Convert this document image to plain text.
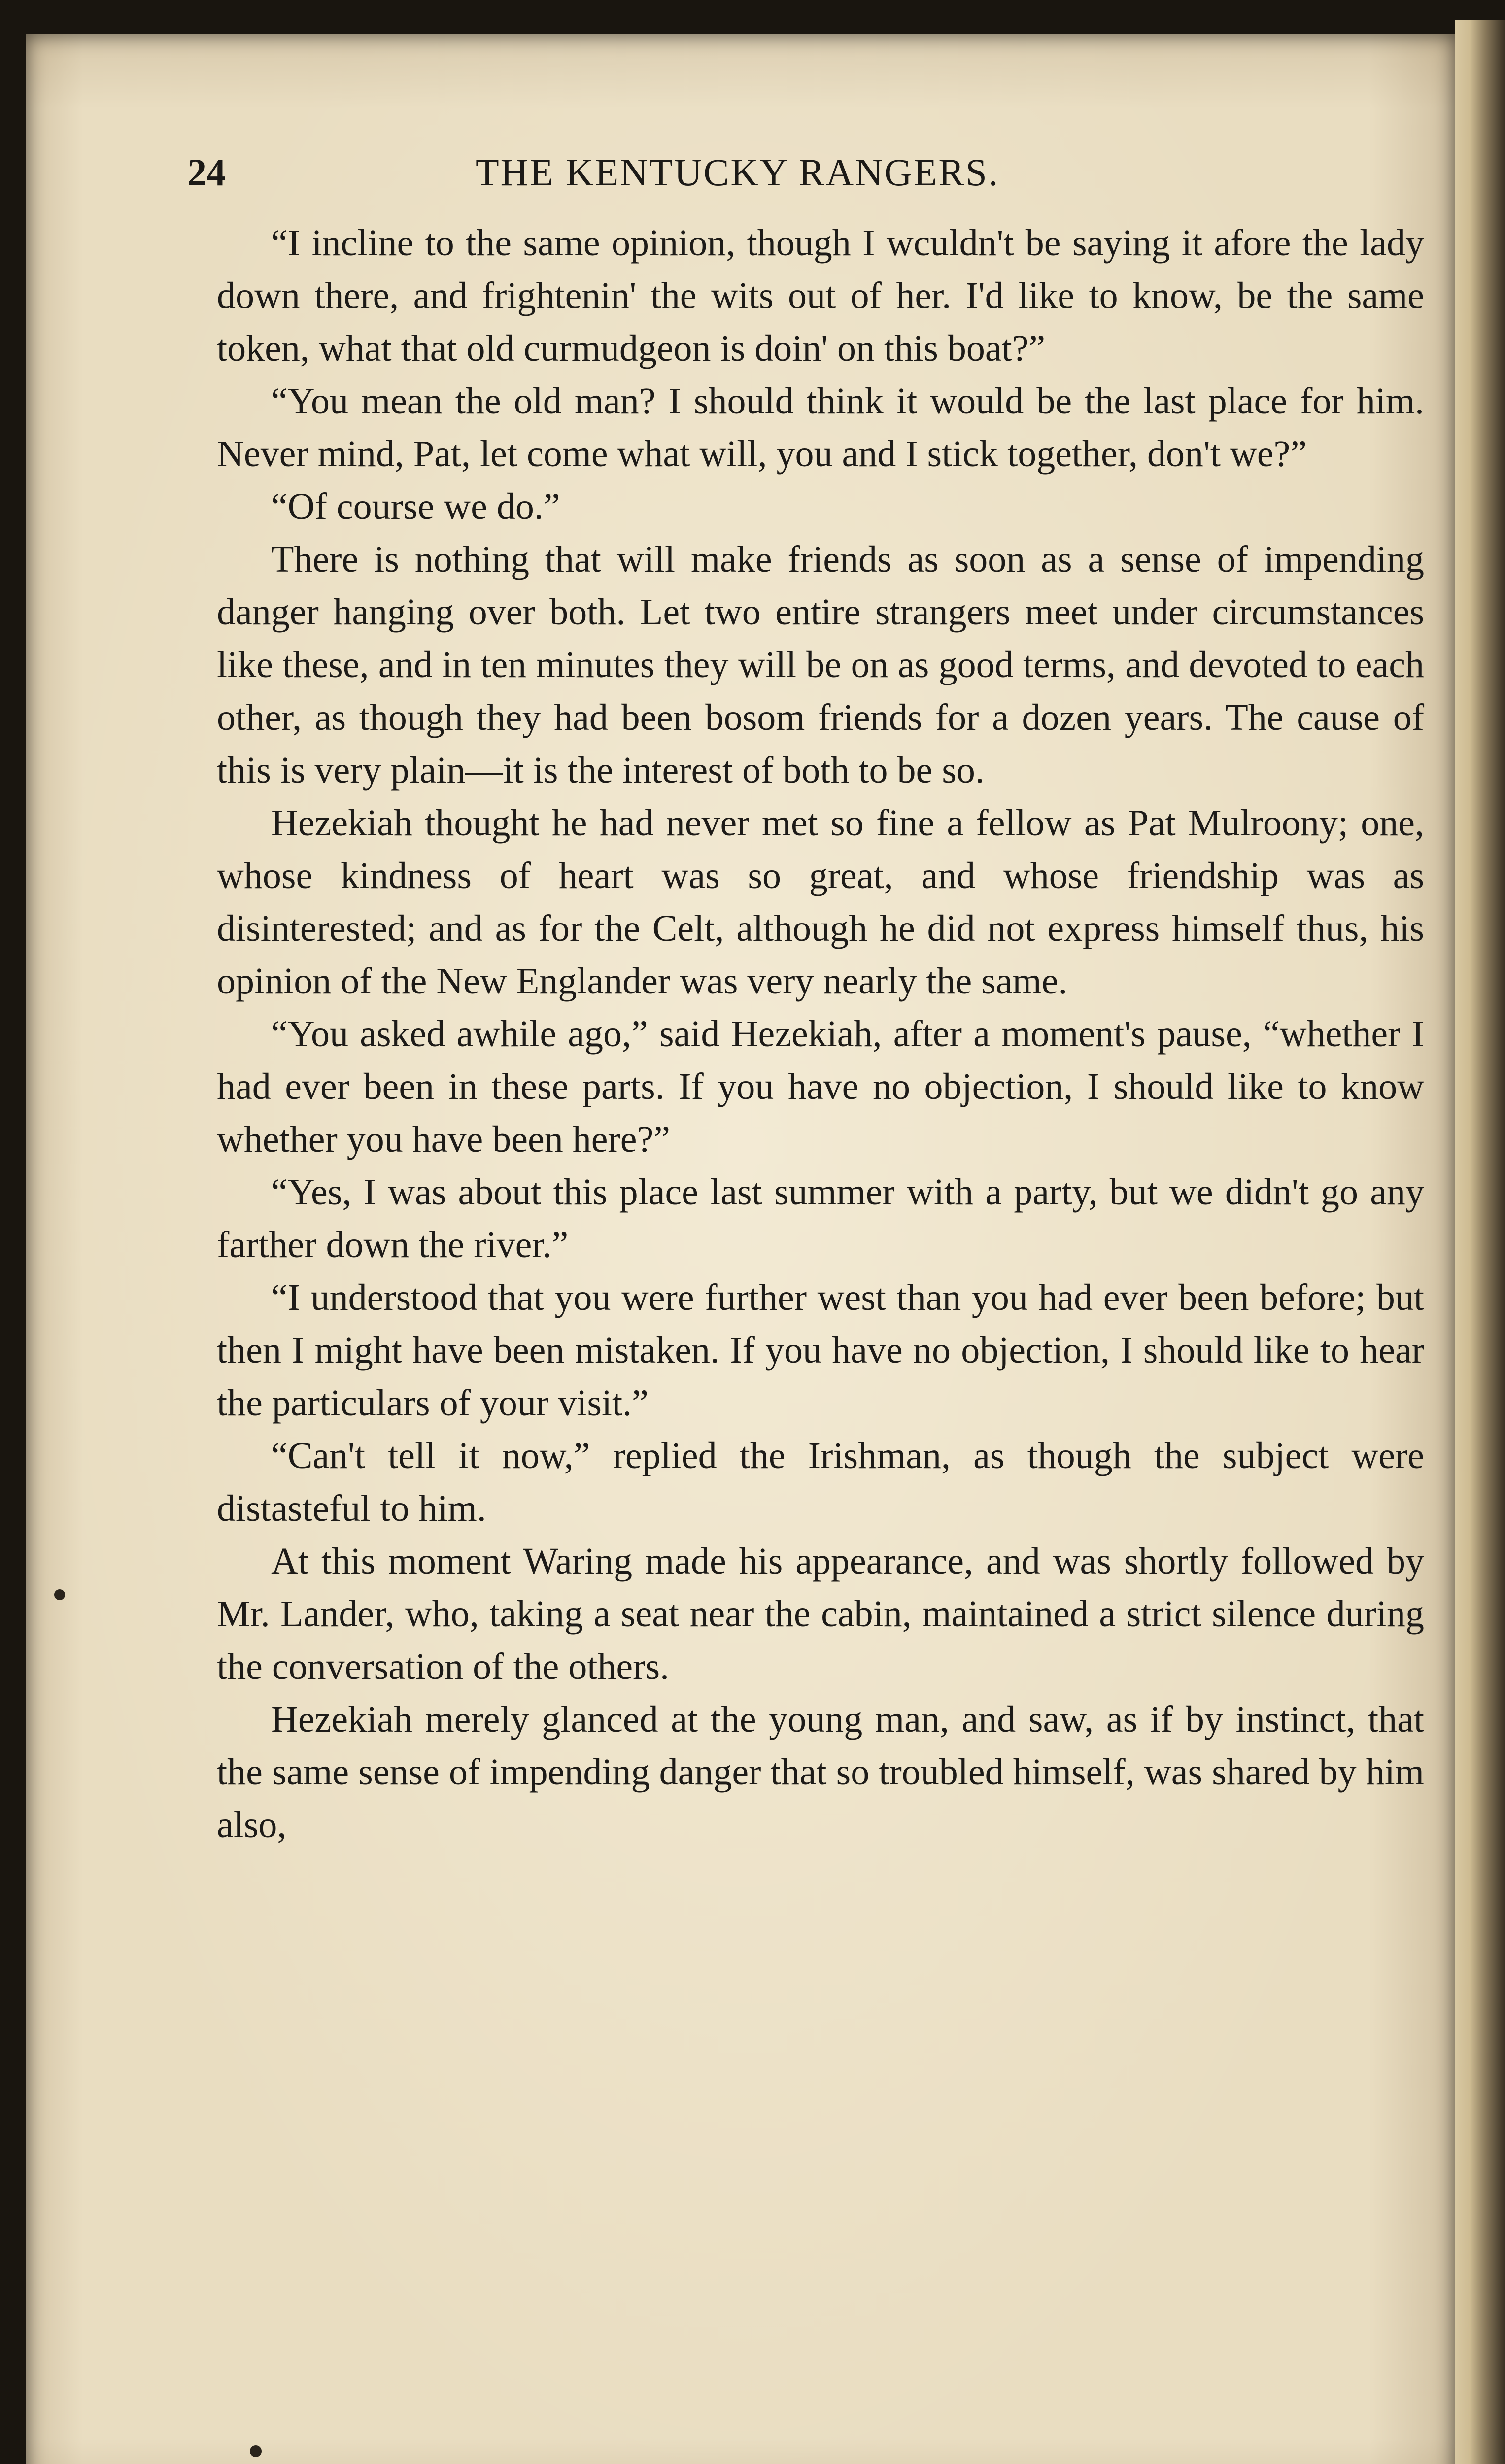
24	THE KENTUCKY RANGERS.

“I incline to the same opinion, though I wculdn't be saying it afore the lady down there, and frightenin' the wits out of her. I'd like to know, be the same token, what that old curmudgeon is doin' on this boat?”

“You mean the old man? I should think it would be the last place for him. Never mind, Pat, let come what will, you and I stick together, don't we?”

“Of course we do.”

There is nothing that will make friends as soon as a sense of impending danger hanging over both. Let two entire strangers meet under circumstances like these, and in ten minutes they will be on as good terms, and devoted to each other, as though they had been bosom friends for a dozen years. The cause of this is very plain—it is the interest of both to be so.

Hezekiah thought he had never met so fine a fellow as Pat Mulroony; one, whose kindness of heart was so great, and whose friendship was as disinterested; and as for the Celt, although he did not express himself thus, his opinion of the New Englander was very nearly the same.

“You asked awhile ago,” said Hezekiah, after a moment's pause, “whether I had ever been in these parts. If you have no objection, I should like to know whether you have been here?”

“Yes, I was about this place last summer with a party, but we didn't go any farther down the river.”

“I understood that you were further west than you had ever been before; but then I might have been mistaken. If you have no objection, I should like to hear the particulars of your visit.”

“Can't tell it now,” replied the Irishman, as though the subject were distasteful to him.

At this moment Waring made his appearance, and was shortly followed by Mr. Lander, who, taking a seat near the cabin, maintained a strict silence during the conversation of the others.

Hezekiah merely glanced at the young man, and saw, as if by instinct, that the same sense of impending danger that so troubled himself, was shared by him also,
